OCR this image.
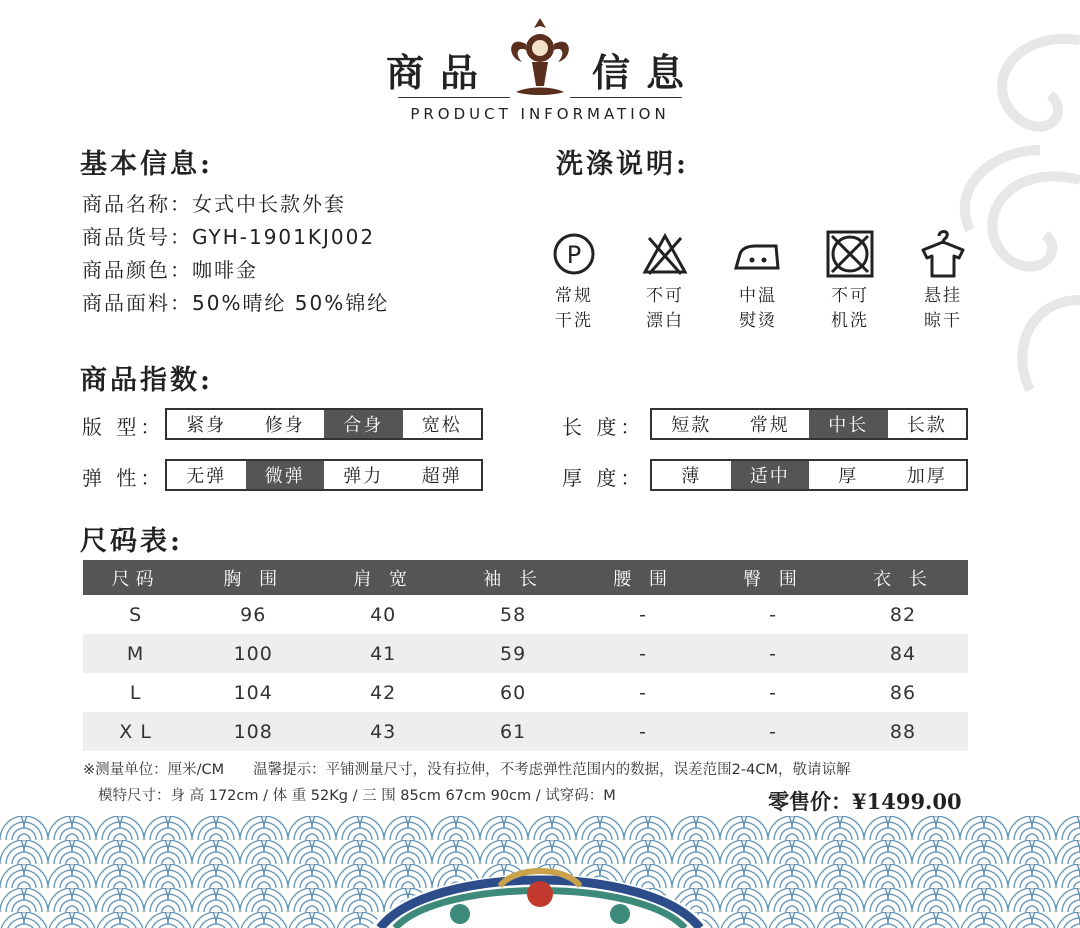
商品	信息
PRODUCT INFORMATION
基本信息:
商品名称：女式中长款外套
商品货号：GYH-1901KJ002
商品颜色：咖啡金
商品面料：50%晴纶 50%锦纶
洗涤说明:
P
常规
干洗
不可
漂白
中温
熨烫
不可
机洗
悬挂
晾干
商品指数:
版 型：	紧身	修身	合身	宽松
弹 性：	无弹	微弹	弹力	超弹
长 度：	短款	常规	中长	长款
厚 度：	薄	适中	厚	加厚
尺码表:
尺码	胸 围	肩 宽	袖 长	腰 围	臀 围	衣 长
S	96	40	58	-	-	82
M	100	41	59	-	-	84
L	104	42	60	-	-	86
X L	108	43	61	-	-	88
※测量单位：厘米/CM　　温馨提示：平铺测量尺寸，没有拉伸，不考虑弹性范围内的数据，误差范围2-4CM，敬请谅解
模特尺寸：身 高 172cm / 体 重 52Kg / 三 围 85cm 67cm 90cm / 试穿码：M	零售价：¥1499.00
